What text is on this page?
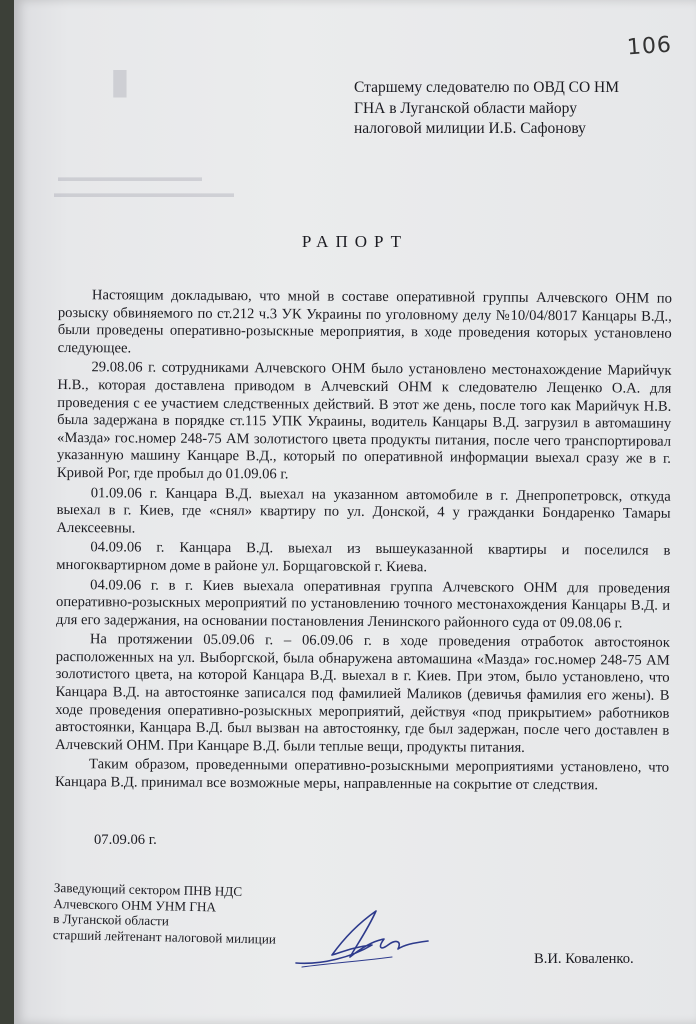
▬▬▬▬▬▬▬▬▬▬▬▬
▬▬▬▬▬▬▬▬▬▬▬▬▬▬▬
▮
106
Старшему следователю по ОВД СО НМ
ГНА в Луганской области майору
налоговой милиции И.Б. Сафонову
РАПОРТ

Настоящим докладываю, что мной в составе оперативной группы Алчевского ОНМ по розыску обвиняемого по ст.212 ч.3 УК Украины по уголовному делу №10/04/8017 Канцары В.Д., были проведены оперативно-розыскные мероприятия, в ходе проведения которых установлено следующее.

29.08.06 г. сотрудниками Алчевского ОНМ было установлено местонахождение Марийчук Н.В., которая доставлена приводом в Алчевский ОНМ к следователю Лещенко О.А. для проведения с ее участием следственных действий. В этот же день, после того как Марийчук Н.В. была задержана в порядке ст.115 УПК Украины, водитель Канцары В.Д. загрузил в автомашину «Мазда» гос.номер 248-75 АМ золотистого цвета продукты питания, после чего транспортировал указанную машину Канцаре В.Д., который по оперативной информации выехал сразу же в г. Кривой Рог, где пробыл до 01.09.06 г.

01.09.06 г. Канцара В.Д. выехал на указанном автомобиле в г. Днепропетровск, откуда выехал в г. Киев, где «снял» квартиру по ул. Донской, 4 у гражданки Бондаренко Тамары Алексеевны.

04.09.06 г. Канцара В.Д. выехал из вышеуказанной квартиры и поселился в многоквартирном доме в районе ул. Борщаговской г. Киева.

04.09.06 г. в г. Киев выехала оперативная группа Алчевского ОНМ для проведения оперативно-розыскных мероприятий по установлению точного местонахождения Канцары В.Д. и для его задержания, на основании постановления Ленинского районного суда от 09.08.06 г.

На протяжении 05.09.06 г. – 06.09.06 г. в ходе проведения отработок автостоянок расположенных на ул. Выборгской, была обнаружена автомашина «Мазда» гос.номер 248-75 АМ золотистого цвета, на которой Канцара В.Д. выехал в г. Киев. При этом, было установлено, что Канцара В.Д. на автостоянке записался под фамилией Маликов (девичья фамилия его жены). В ходе проведения оперативно-розыскных мероприятий, действуя «под прикрытием» работников автостоянки, Канцара В.Д. был вызван на автостоянку, где был задержан, после чего доставлен в Алчевский ОНМ. При Канцаре В.Д. были теплые вещи, продукты питания.

Таким образом, проведенными оперативно-розыскными мероприятиями установлено, что Канцара В.Д. принимал все возможные меры, направленные на сокрытие от следствия.

07.09.06 г.
Заведующий сектором ПНВ НДС
Алчевского ОНМ УНМ ГНА
в Луганской области
старший лейтенант налоговой милиции
В.И. Коваленко.
